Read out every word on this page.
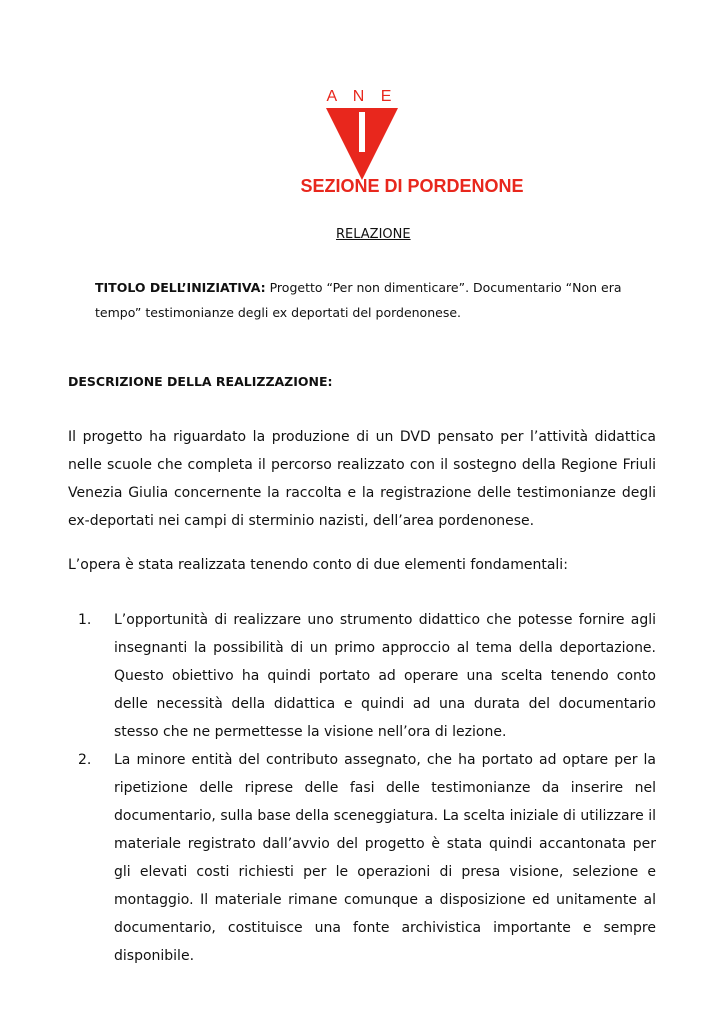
A N E
SEZIONE DI PORDENONE
RELAZIONE
TITOLO DELL’INIZIATIVA: Progetto “Per non dimenticare”. Documentario “Non era tempo” testimonianze degli ex deportati del pordenonese.
DESCRIZIONE DELLA REALIZZAZIONE:
Il progetto ha riguardato la produzione di un DVD pensato per l’attività didattica nelle scuole che completa il percorso realizzato con il sostegno della Regione Friuli Venezia Giulia concernente la raccolta e la registrazione delle testimonianze degli ex-deportati nei campi di sterminio nazisti, dell’area pordenonese.
L’opera è stata realizzata tenendo conto di due elementi fondamentali:
1. L’opportunità di realizzare uno strumento didattico che potesse fornire agli insegnanti la possibilità di un primo approccio al tema della deportazione. Questo obiettivo ha quindi portato ad operare una scelta tenendo conto delle necessità della didattica e quindi ad una durata del documentario stesso che ne permettesse la visione nell’ora di lezione.
2. La minore entità del contributo assegnato, che ha portato ad optare per la ripetizione delle riprese delle fasi delle testimonianze da inserire nel documentario, sulla base della sceneggiatura. La scelta iniziale di utilizzare il materiale registrato dall’avvio del progetto è stata quindi accantonata per gli elevati costi richiesti per le operazioni di presa visione, selezione e montaggio. Il materiale rimane comunque a disposizione ed unitamente al documentario, costituisce una fonte archivistica importante e sempre disponibile.
